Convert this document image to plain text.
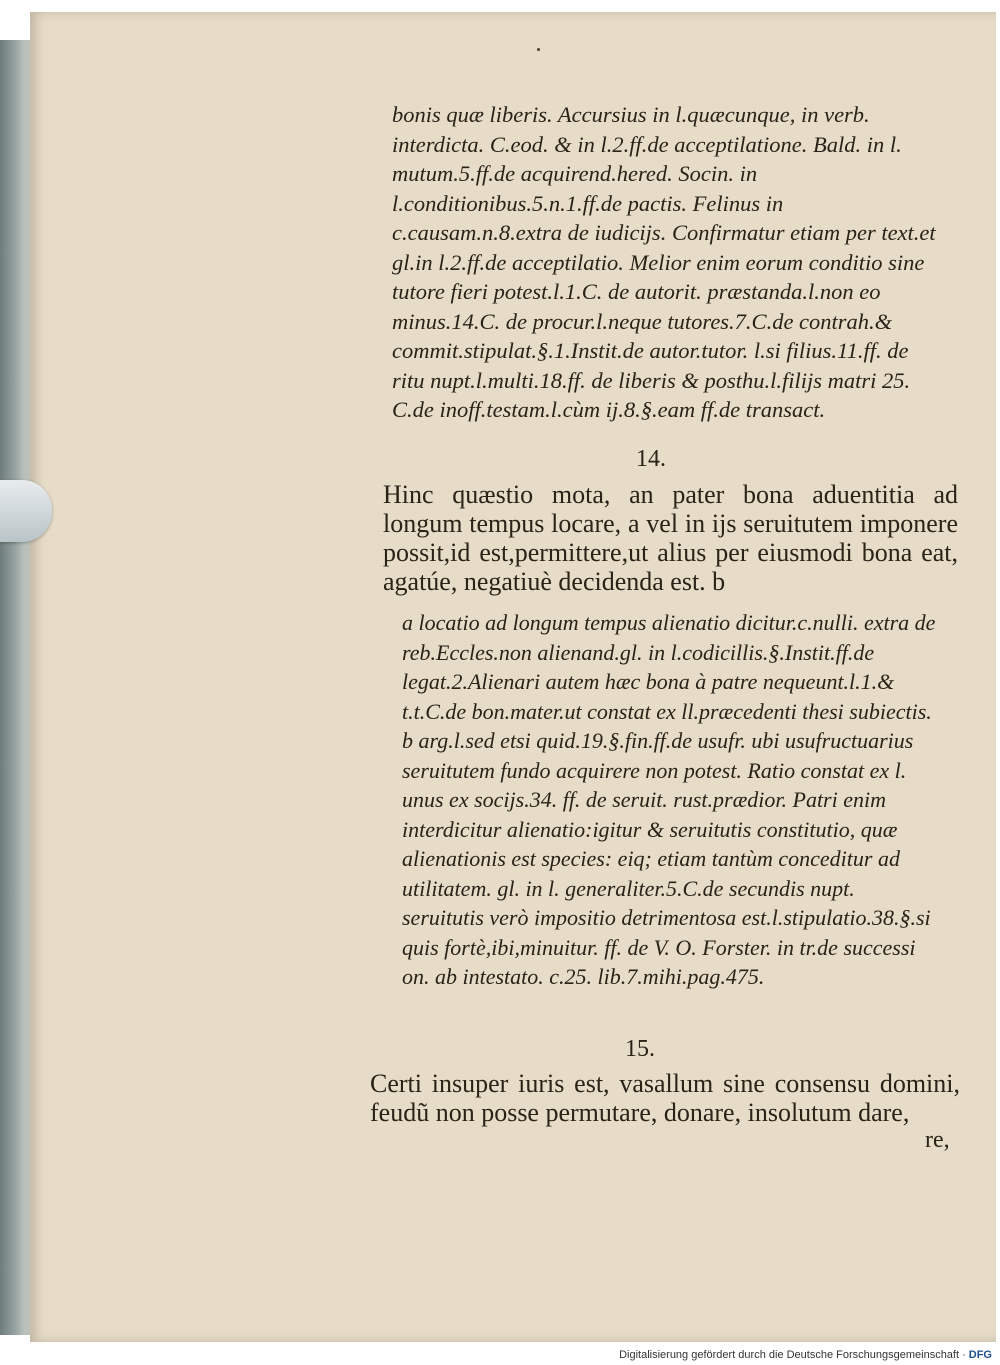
bonis quæ liberis. Accursius in l.quæcunque, in verb. interdicta. C.eod. & in l.2.ff.de acceptilatione. Bald. in l. mutum.5.ff.de acquirend.hered. Socin. in l.conditionibus.5.n.1.ff.de pactis. Felinus in c.causam.n.8.extra de iudicijs. Confirmatur etiam per text.et gl.in l.2.ff.de acceptilatio. Melior enim eorum conditio sine tutore fieri potest.l.1.C. de autorit. præstanda.l.non eo minus.14.C. de procur.l.neque tutores.7.C.de contrah.& commit.stipulat.§.1.Instit.de autor.tutor. l.si filius.11.ff. de ritu nupt.l.multi.18.ff. de liberis & posthu.l.filijs matri 25. C.de inoff.testam.l.cùm ij.8.§.eam ff.de transact.

14.

Hinc quæstio mota, an pater bona aduentitia ad longum tempus locare, a vel in ijs seruitutem imponere possit,id est,permittere,ut alius per eiusmodi bona eat, agatúe, negatiuè decidenda est. b

a locatio ad longum tempus alienatio dicitur.c.nulli. extra de reb.Eccles.non alienand.gl. in l.codicillis.§.Instit.ff.de legat.2.Alienari autem hæc bona à patre nequeunt.l.1.& t.t.C.de bon.mater.ut constat ex ll.præcedenti thesi subiectis. b arg.l.sed etsi quid.19.§.fin.ff.de usufr. ubi usufructuarius seruitutem fundo acquirere non potest. Ratio constat ex l. unus ex socijs.34. ff. de seruit. rust.prædior. Patri enim interdicitur alienatio:igitur & seruitutis constitutio, quæ alienationis est species: eiq; etiam tantùm conceditur ad utilitatem. gl. in l. generaliter.5.C.de secundis nupt. seruitutis verò impositio detrimentosa est.l.stipulatio.38.§.si quis fortè,ibi,minuitur. ff. de V. O. Forster. in tr.de successi on. ab intestato. c.25. lib.7.mihi.pag.475.

15.

Certi insuper iuris est, vasallum sine consensu domini, feudũ non posse permutare, donare, insolutum dare,

re,
Digitalisierung gefördert durch die Deutsche Forschungsgemeinschaft · DFG
